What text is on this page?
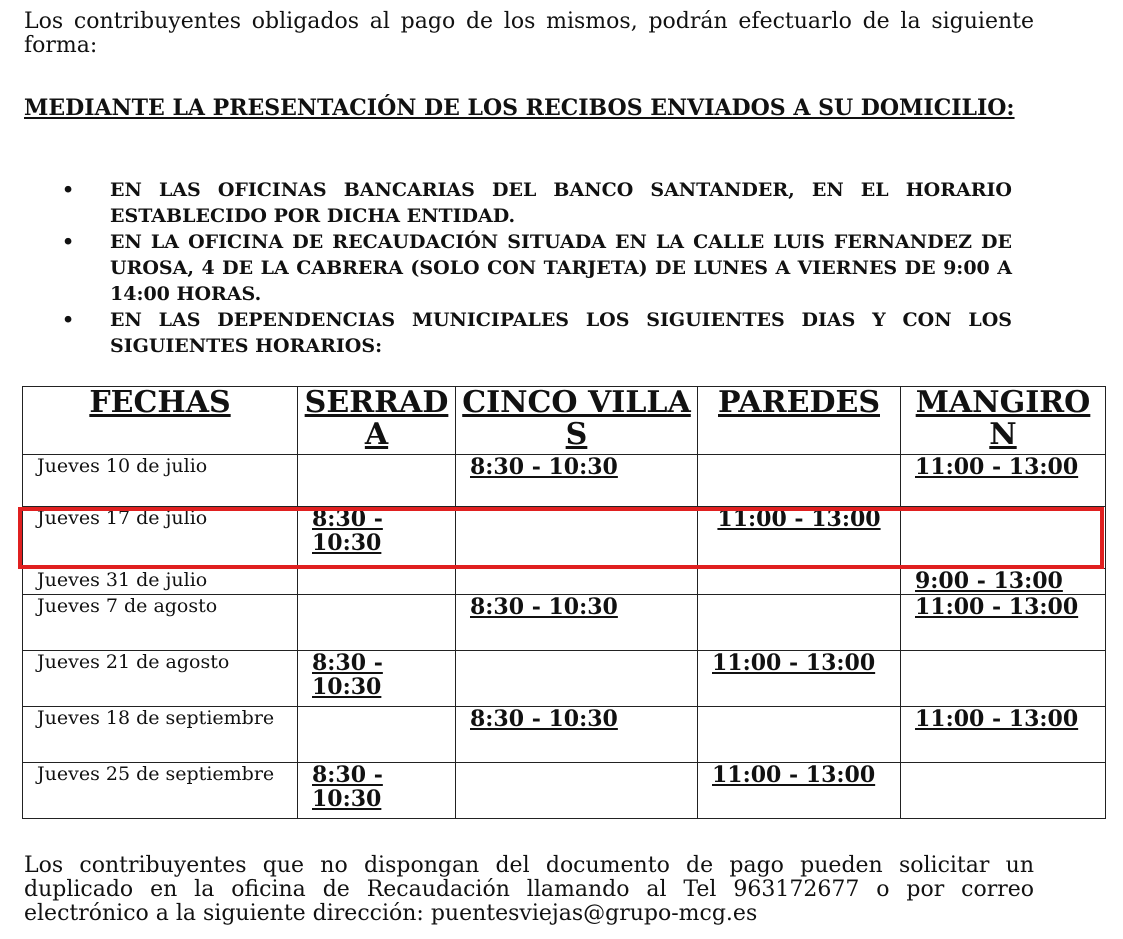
Los contribuyentes obligados al pago de los mismos, podrán efectuarlo de la siguiente forma:

MEDIANTE LA PRESENTACIÓN DE LOS RECIBOS ENVIADOS A SU DOMICILIO:

• EN LAS OFICINAS BANCARIAS DEL BANCO SANTANDER, EN EL HORARIO ESTABLECIDO POR DICHA ENTIDAD.
• EN LA OFICINA DE RECAUDACIÓN SITUADA EN LA CALLE LUIS FERNANDEZ DE UROSA, 4 DE LA CABRERA (SOLO CON TARJETA) DE LUNES A VIERNES DE 9:00 A 14:00 HORAS.
• EN LAS DEPENDENCIAS MUNICIPALES LOS SIGUIENTES DIAS Y CON LOS SIGUIENTES HORARIOS:
FECHAS	SERRADA	CINCO VILLAS	PAREDES	MANGIRON
Jueves 10 de julio		8:30 - 10:30		11:00 - 13:00
Jueves 17 de julio	8:30 - 10:30		11:00 - 13:00	
Jueves 31 de julio				9:00 - 13:00
Jueves 7 de agosto		8:30 - 10:30		11:00 - 13:00
Jueves 21 de agosto	8:30 - 10:30		11:00 - 13:00	
Jueves 18 de septiembre		8:30 - 10:30		11:00 - 13:00
Jueves 25 de septiembre	8:30 - 10:30		11:00 - 13:00	

Los contribuyentes que no dispongan del documento de pago pueden solicitar un duplicado en la oficina de Recaudación llamando al Tel 963172677 o por correo electrónico a la siguiente dirección: puentesviejas@grupo-mcg.es
